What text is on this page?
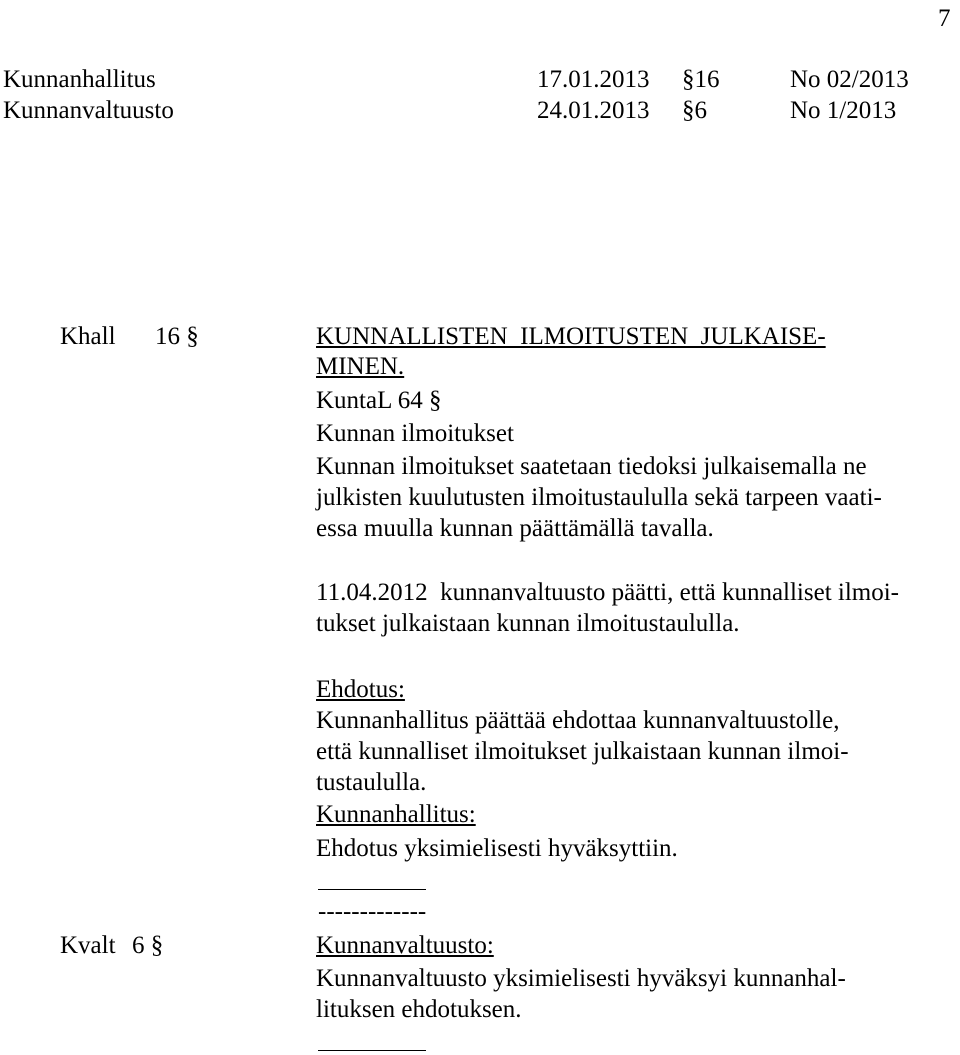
7
Kunnanhallitus	17.01.2013 §16	No 02/2013
Kunnanvaltuusto	24.01.2013 §6	No 1/2013
Khall 16 §	KUNNALLISTEN  ILMOITUSTEN  JULKAISE-
MINEN.
KuntaL 64 §
Kunnan ilmoitukset
Kunnan ilmoitukset saatetaan tiedoksi julkaisemalla ne
julkisten kuulutusten ilmoitustaululla sekä tarpeen vaati-
essa muulla kunnan päättämällä tavalla.
11.04.2012  kunnanvaltuusto päätti, että kunnalliset ilmoi-
tukset julkaistaan kunnan ilmoitustaululla.
Ehdotus:
Kunnanhallitus päättää ehdottaa kunnanvaltuustolle,
että kunnalliset ilmoitukset julkaistaan kunnan ilmoi-
tustaululla.
Kunnanhallitus:
Ehdotus yksimielisesti hyväksyttiin.
-------------
Kvalt 6 §	Kunnanvaltuusto:
Kunnanvaltuusto yksimielisesti hyväksyi kunnanhal-
lituksen ehdotuksen.
